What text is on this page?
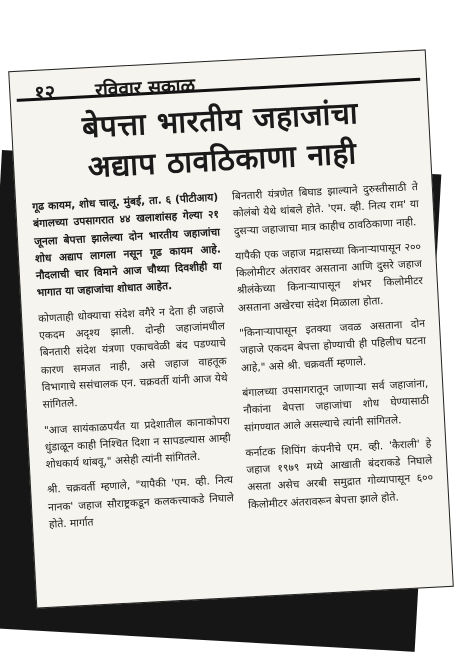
१२ रविवार सकाळ
बेपत्ता भारतीय जहाजांचा
अद्याप ठावठिकाणा नाही

गूढ कायम, शोध चालू. मुंबई, ता. ६ (पीटीआय) बंगालच्या उपसागरात ४४ खलाशांसह गेल्या २१ जूनला बेपत्ता झालेल्या दोन भारतीय जहाजांचा शोध अद्याप लागला नसून गूढ कायम आहे. नौदलाची चार विमाने आज चौथ्या दिवशीही या भागात या जहाजांचा शोधात आहेत.

कोणताही धोक्याचा संदेश वगैरे न देता ही जहाजे एकदम अदृश्य झाली. दोन्ही जहाजांमधील बिनतारी संदेश यंत्रणा एकाचवेळी बंद पडण्याचे कारण समजत नाही, असे जहाज वाहतूक विभागाचे ससंचालक एन. चक्रवर्ती यांनी आज येथे सांगितले.

"आज सायंकाळपर्यंत या प्रदेशातील कानाकोपरा धुंडाळून काही निश्चित दिशा न सापडल्यास आम्ही शोधकार्य थांबवू," असेही त्यांनी सांगितले.

श्री. चक्रवर्ती म्हणाले, "यापैकी 'एम. व्ही. नित्य नानक' जहाज सौराष्ट्रकडून कलकत्त्याकडे निघाले होते. मार्गात

बिनतारी यंत्रणेत बिघाड झाल्याने दुरुस्तीसाठी ते कोलंबो येथे थांबले होते. 'एम. व्ही. नित्य राम' या दुसऱ्या जहाजाचा मात्र काहीच ठावठिकाणा नाही.

यापैकी एक जहाज मद्रासच्या किनाऱ्यापासून २०० किलोमीटर अंतरावर असताना आणि दुसरे जहाज श्रीलंकेच्या किनाऱ्यापासून शंभर किलोमीटर असताना अखेरचा संदेश मिळाला होता.

"किनाऱ्यापासून इतक्या जवळ असताना दोन जहाजे एकदम बेपत्ता होण्याची ही पहिलीच घटना आहे," असे श्री. चक्रवर्ती म्हणाले.

बंगालच्या उपसागरातून जाणाऱ्या सर्व जहाजांना, नौकांना बेपत्ता जहाजांचा शोध घेण्यासाठी सांगण्यात आले असल्याचे त्यांनी सांगितले.

कर्नाटक शिपिंग कंपनीचे एम. व्ही. 'कैराली' हे जहाज १९७९ मध्ये आखाती बंदराकडे निघाले असता असेच अरबी समुद्रात गोव्यापासून ६०० किलोमीटर अंतरावरून बेपत्ता झाले होते.
